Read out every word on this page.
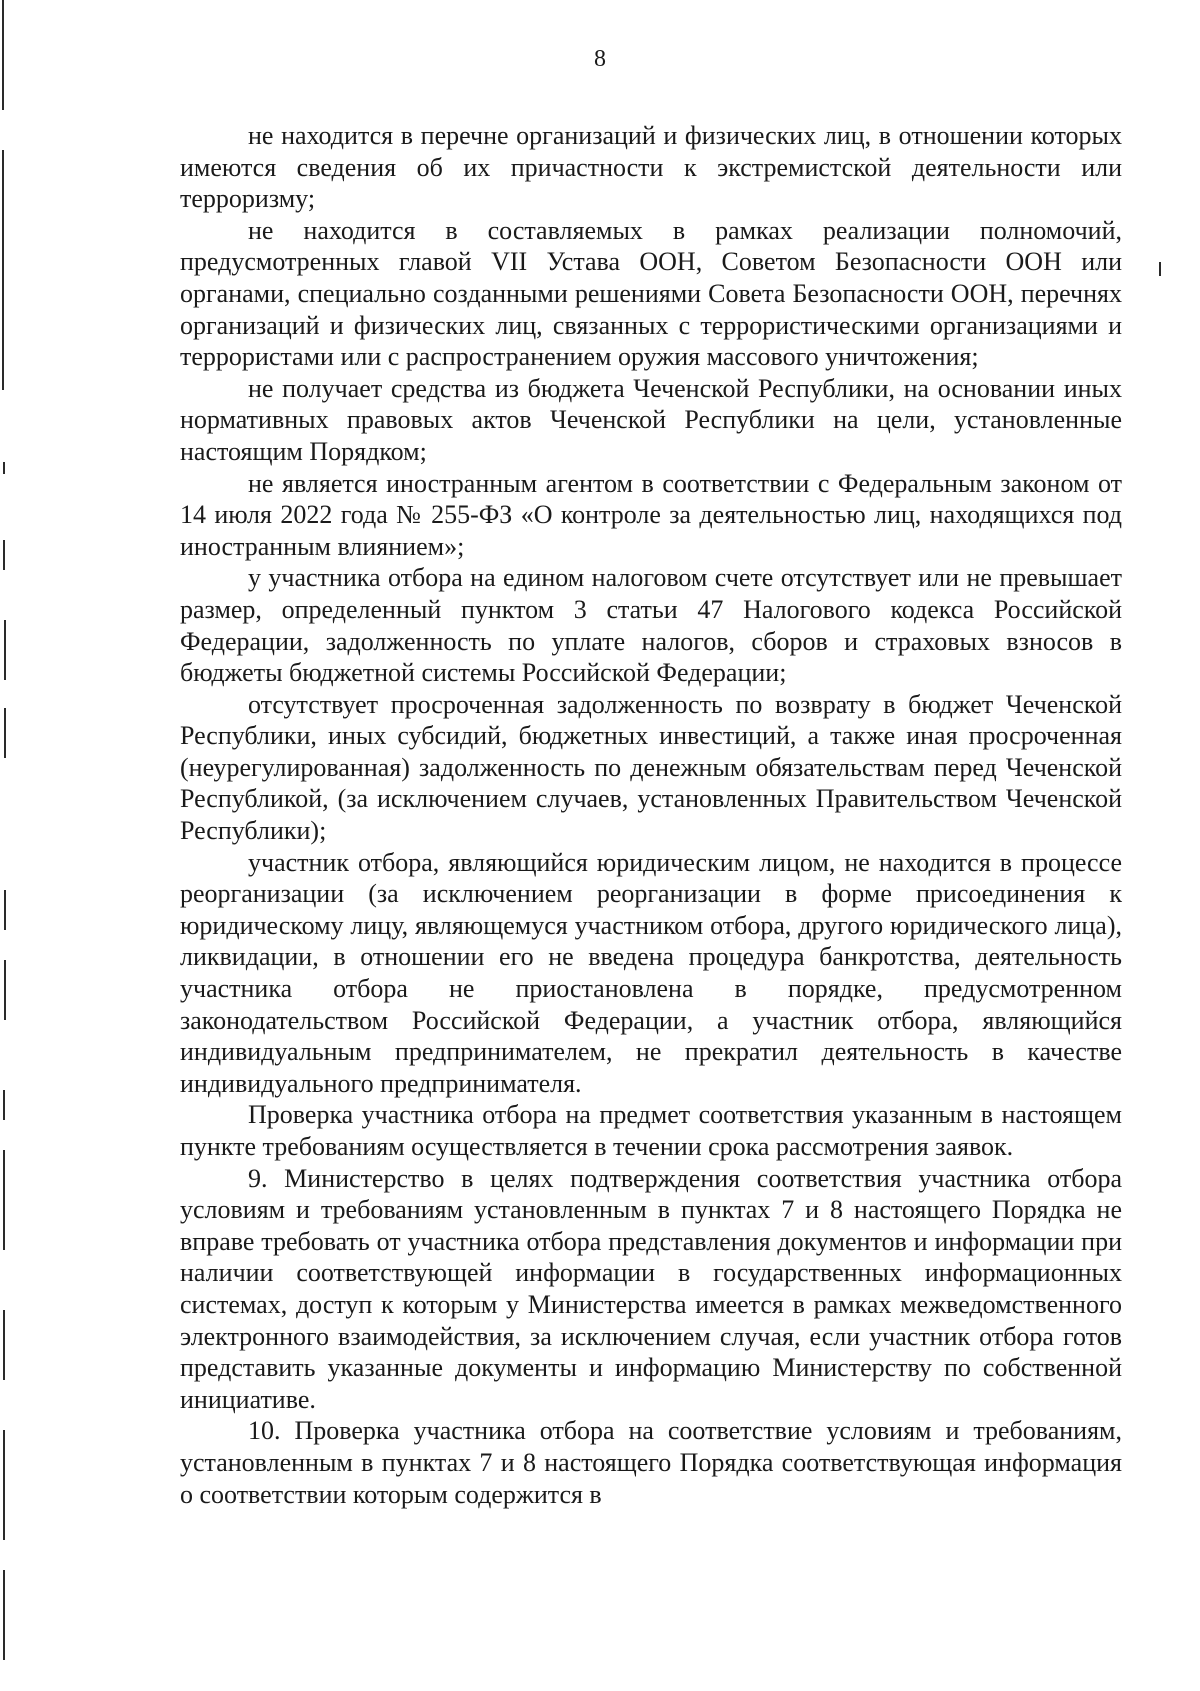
8

не находится в перечне организаций и физических лиц, в отношении которых имеются сведения об их причастности к экстремистской деятельности или терроризму;

не находится в составляемых в рамках реализации полномочий, предусмотренных главой VII Устава ООН, Советом Безопасности ООН или органами, специально созданными решениями Совета Безопасности ООН, перечнях организаций и физических лиц, связанных с террористическими организациями и террористами или с распространением оружия массового уничтожения;

не получает средства из бюджета Чеченской Республики, на основании иных нормативных правовых актов Чеченской Республики на цели, установленные настоящим Порядком;

не является иностранным агентом в соответствии с Федеральным законом от 14 июля 2022 года № 255-ФЗ «О контроле за деятельностью лиц, находящихся под иностранным влиянием»;

у участника отбора на едином налоговом счете отсутствует или не превышает размер, определенный пунктом 3 статьи 47 Налогового кодекса Российской Федерации, задолженность по уплате налогов, сборов и страховых взносов в бюджеты бюджетной системы Российской Федерации;

отсутствует просроченная задолженность по возврату в бюджет Чеченской Республики, иных субсидий, бюджетных инвестиций, а также иная просроченная (неурегулированная) задолженность по денежным обязательствам перед Чеченской Республикой, (за исключением случаев, установленных Правительством Чеченской Республики);

участник отбора, являющийся юридическим лицом, не находится в процессе реорганизации (за исключением реорганизации в форме присоединения к юридическому лицу, являющемуся участником отбора, другого юридического лица), ликвидации, в отношении его не введена процедура банкротства, деятельность участника отбора не приостановлена в порядке, предусмотренном законодательством Российской Федерации, а участник отбора, являющийся индивидуальным предпринимателем, не прекратил деятельность в качестве индивидуального предпринимателя.

Проверка участника отбора на предмет соответствия указанным в настоящем пункте требованиям осуществляется в течении срока рассмотрения заявок.

9. Министерство в целях подтверждения соответствия участника отбора условиям и требованиям установленным в пунктах 7 и 8 настоящего Порядка не вправе требовать от участника отбора представления документов и информации при наличии соответствующей информации в государственных информационных системах, доступ к которым у Министерства имеется в рамках межведомственного электронного взаимодействия, за исключением случая, если участник отбора готов представить указанные документы и информацию Министерству по собственной инициативе.

10. Проверка участника отбора на соответствие условиям и требованиям, установленным в пунктах 7 и 8 настоящего Порядка соответствующая информация о соответствии которым содержится в
